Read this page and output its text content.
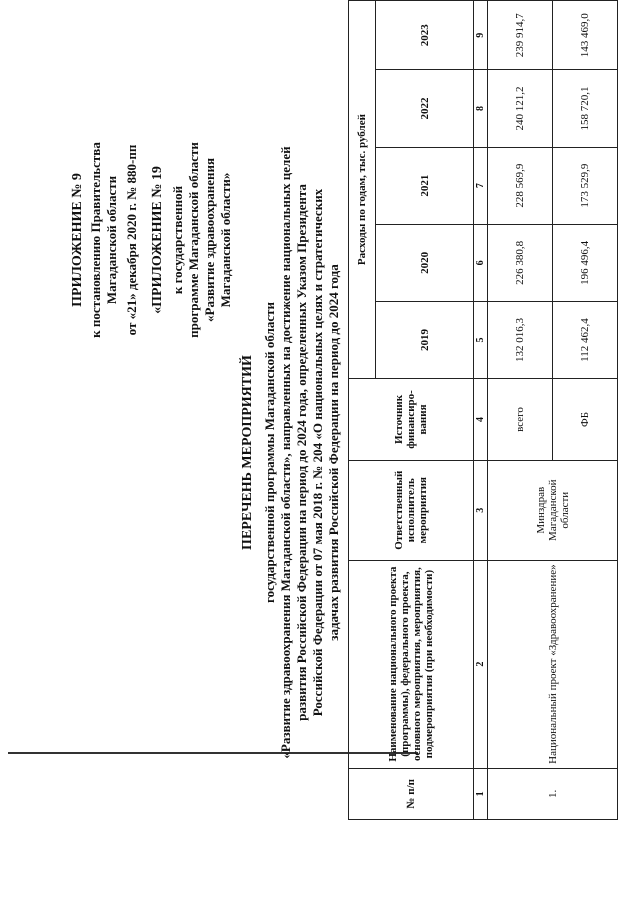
ПРИЛОЖЕНИЕ № 9 к постановлению Правительства Магаданской области от «21» декабря 2020 г. № 880-пп «ПРИЛОЖЕНИЕ № 19 к государственной программе Магаданской области «Развитие здравоохранения Магаданской области»
ПЕРЕЧЕНЬ МЕРОПРИЯТИЙ государственной программы Магаданской области «Развитие здравоохранения Магаданской области», направленных на достижение национальных целей развития Российской Федерации на период до 2024 года, определенных Указом Президента Российской Федерации от 07 мая 2018 г. № 204 «О национальных целях и стратегических задачах развития Российской Федерации на период до 2024 года
№ п/п	Наименование национального проекта (программы), федерального проекта, основного мероприятия, мероприятия, подмероприятия (при необходимости)	Ответственный исполнитель мероприятия	Источник финансиро-вания	Расходы по годам, тыс. рублей				
				2019	2020	2021	2022	2023
1	2	3	4	5	6	7	8	9
1.	Национальный проект «Здравоохранение»	Минздрав Магаданской области	всего	132 016,3	226 380,8	228 569,9	240 121,2	239 914,7
			ФБ	112 462,4	196 496,4	173 529,9	158 720,1	143 469,0
